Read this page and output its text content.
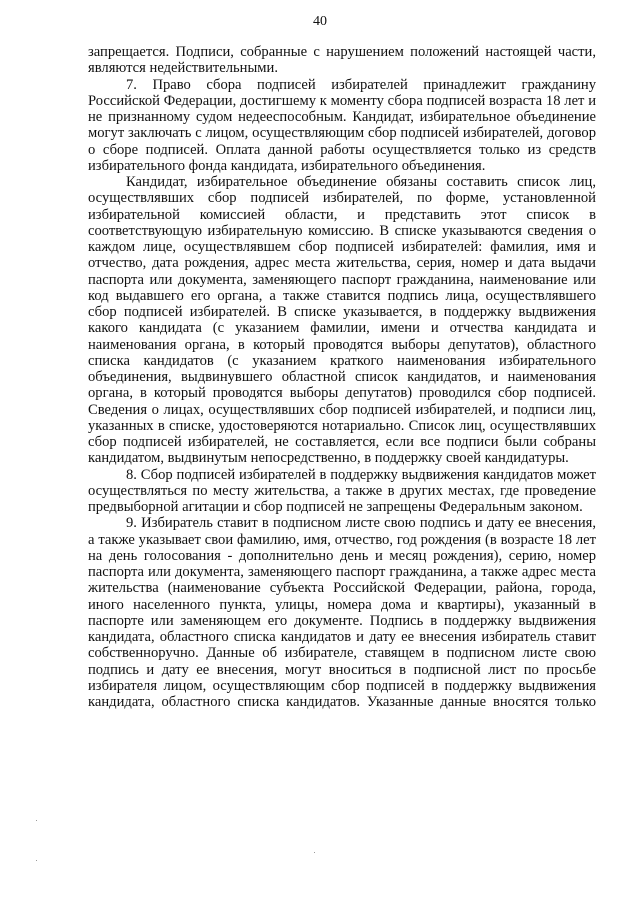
40

запрещается. Подписи, собранные с нарушением положений настоящей части, являются недействительными.

7. Право сбора подписей избирателей принадлежит гражданину Российской Федерации, достигшему к моменту сбора подписей возраста 18 лет и не признанному судом недееспособным. Кандидат, избирательное объединение могут заключать с лицом, осуществляющим сбор подписей избирателей, договор о сборе подписей. Оплата данной работы осуществляется только из средств избирательного фонда кандидата, избирательного объединения.

Кандидат, избирательное объединение обязаны составить список лиц, осуществлявших сбор подписей избирателей, по форме, установленной избирательной комиссией области, и представить этот список в соответствующую избирательную комиссию. В списке указываются сведения о каждом лице, осуществлявшем сбор подписей избирателей: фамилия, имя и отчество, дата рождения, адрес места жительства, серия, номер и дата выдачи паспорта или документа, заменяющего паспорт гражданина, наименование или код выдавшего его органа, а также ставится подпись лица, осуществлявшего сбор подписей избирателей. В списке указывается, в поддержку выдвижения какого кандидата (с указанием фамилии, имени и отчества кандидата и наименования органа, в который проводятся выборы депутатов), областного списка кандидатов (с указанием краткого наименования избирательного объединения, выдвинувшего областной список кандидатов, и наименования органа, в который проводятся выборы депутатов) проводился сбор подписей. Сведения о лицах, осуществлявших сбор подписей избирателей, и подписи лиц, указанных в списке, удостоверяются нотариально. Список лиц, осуществлявших сбор подписей избирателей, не составляется, если все подписи были собраны кандидатом, выдвинутым непосредственно, в поддержку своей кандидатуры.

8. Сбор подписей избирателей в поддержку выдвижения кандидатов может осуществляться по месту жительства, а также в других местах, где проведение предвыборной агитации и сбор подписей не запрещены Федеральным законом.

9. Избиратель ставит в подписном листе свою подпись и дату ее внесения, а также указывает свои фамилию, имя, отчество, год рождения (в возрасте 18 лет на день голосования - дополнительно день и месяц рождения), серию, номер паспорта или документа, заменяющего паспорт гражданина, а также адрес места жительства (наименование субъекта Российской Федерации, района, города, иного населенного пункта, улицы, номера дома и квартиры), указанный в паспорте или заменяющем его документе. Подпись в поддержку выдвижения кандидата, областного списка кандидатов и дату ее внесения избиратель ставит собственноручно. Данные об избирателе, ставящем в подписном листе свою подпись и дату ее внесения, могут вноситься в подписной лист по просьбе избирателя лицом, осуществляющим сбор подписей в поддержку выдвижения кандидата, областного списка кандидатов. Указанные данные вносятся только
